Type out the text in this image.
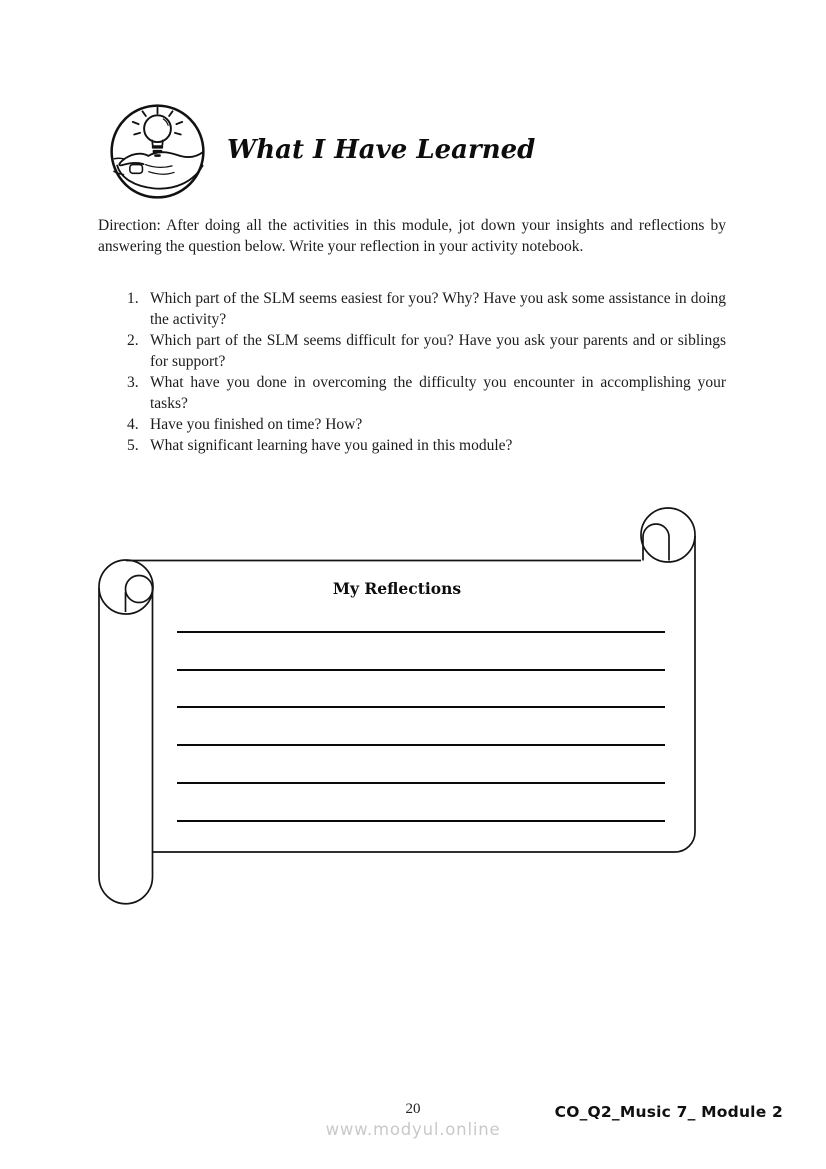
What I Have Learned
Direction: After doing all the activities in this module, jot down your insights and reflections by answering the question below. Write your reflection in your activity notebook.
1. Which part of the SLM seems easiest for you? Why? Have you ask some assistance in doing the activity?
2. Which part of the SLM seems difficult for you? Have you ask your parents and or siblings for support?
3. What have you done in overcoming the difficulty you encounter in accomplishing your tasks?
4. Have you finished on time? How?
5. What significant learning have you gained in this module?
My Reflections
20
www.modyul.online
CO_Q2_Music 7_ Module 2
